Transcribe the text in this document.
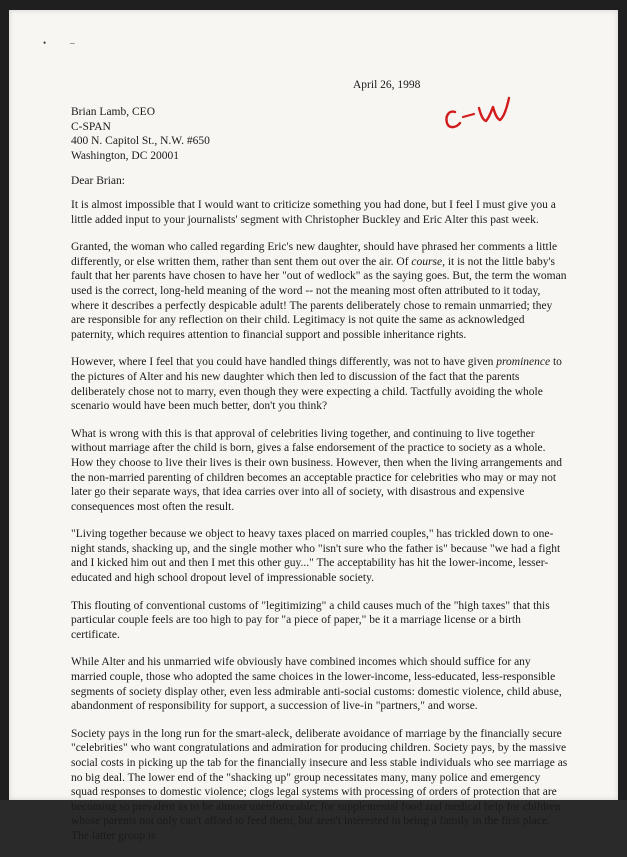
•–
April 26, 1998
Brian Lamb, CEO
C-SPAN
400 N. Capitol St., N.W. #650
Washington, DC 20001
Dear Brian:

It is almost impossible that I would want to criticize something you had done, but I feel I must give you a little added input to your journalists' segment with Christopher Buckley and Eric Alter this past week.

Granted, the woman who called regarding Eric's new daughter, should have phrased her comments a little differently, or else written them, rather than sent them out over the air. Of course, it is not the little baby's fault that her parents have chosen to have her "out of wedlock" as the saying goes. But, the term the woman used is the correct, long-held meaning of the word -- not the meaning most often attributed to it today, where it describes a perfectly despicable adult! The parents deliberately chose to remain unmarried; they are responsible for any reflection on their child. Legitimacy is not quite the same as acknowledged paternity, which requires attention to financial support and possible inheritance rights.

However, where I feel that you could have handled things differently, was not to have given prominence to the pictures of Alter and his new daughter which then led to discussion of the fact that the parents deliberately chose not to marry, even though they were expecting a child. Tactfully avoiding the whole scenario would have been much better, don't you think?

What is wrong with this is that approval of celebrities living together, and continuing to live together without marriage after the child is born, gives a false endorsement of the practice to society as a whole. How they choose to live their lives is their own business. However, then when the living arrangements and the non-married parenting of children becomes an acceptable practice for celebrities who may or may not later go their separate ways, that idea carries over into all of society, with disastrous and expensive consequences most often the result.

"Living together because we object to heavy taxes placed on married couples," has trickled down to one-night stands, shacking up, and the single mother who "isn't sure who the father is" because "we had a fight and I kicked him out and then I met this other guy..." The acceptability has hit the lower-income, lesser-educated and high school dropout level of impressionable society.

This flouting of conventional customs of "legitimizing" a child causes much of the "high taxes" that this particular couple feels are too high to pay for "a piece of paper," be it a marriage license or a birth certificate.

While Alter and his unmarried wife obviously have combined incomes which should suffice for any married couple, those who adopted the same choices in the lower-income, less-educated, less-responsible segments of society display other, even less admirable anti-social customs: domestic violence, child abuse, abandonment of responsibility for support, a succession of live-in "partners," and worse.

Society pays in the long run for the smart-aleck, deliberate avoidance of marriage by the financially secure "celebrities" who want congratulations and admiration for producing children. Society pays, by the massive social costs in picking up the tab for the financially insecure and less stable individuals who see marriage as no big deal. The lower end of the "shacking up" group necessitates many, many police and emergency squad responses to domestic violence; clogs legal systems with processing of orders of protection that are becoming so prevalent as to be almost unenforceable; for supplemental food and medical help for children whose parents not only can't afford to feed them, but aren't interested in being a family in the first place. The latter group is
